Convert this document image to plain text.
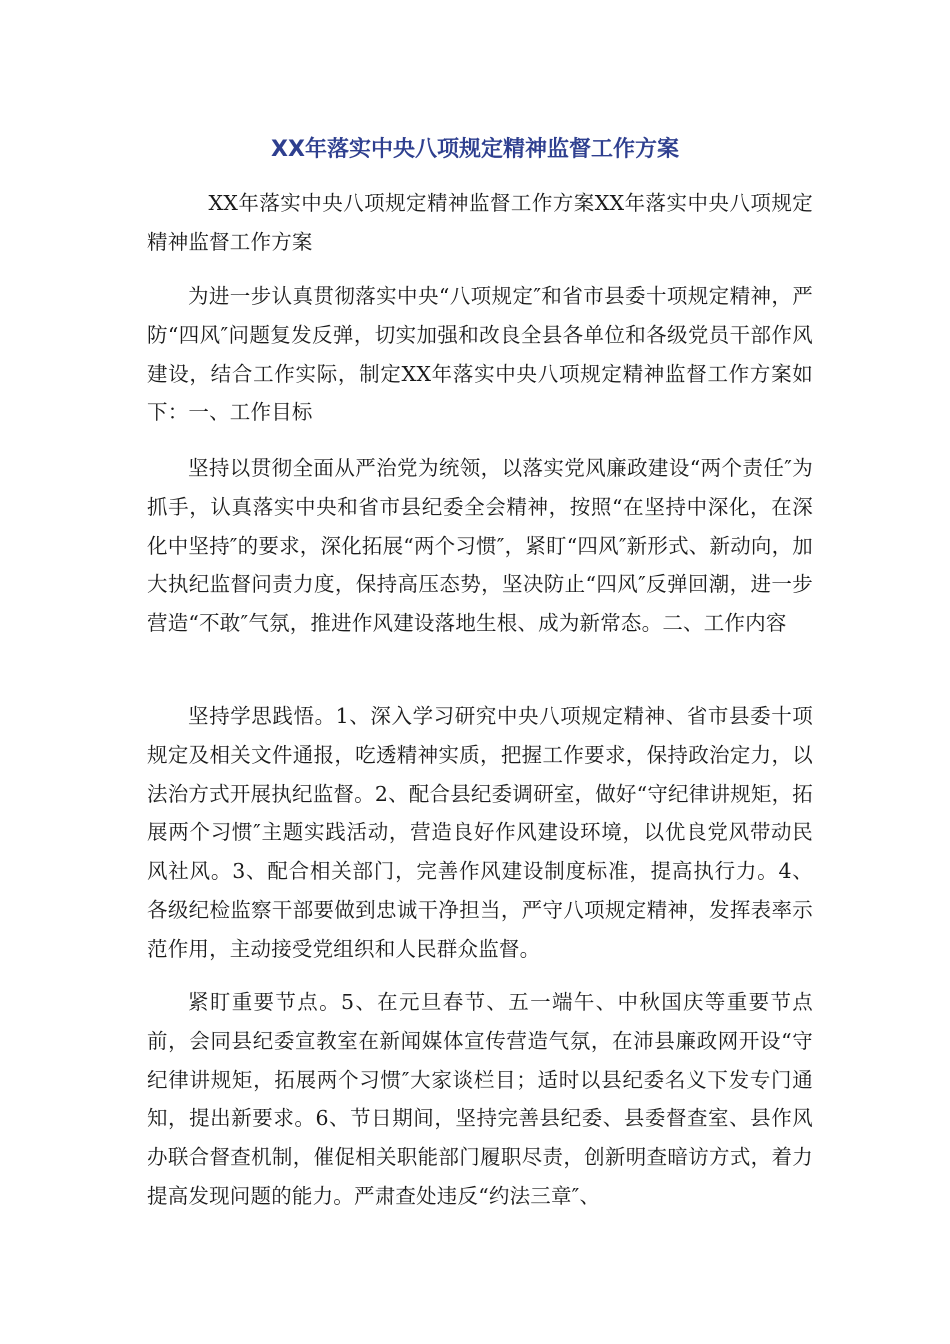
XX年落实中央八项规定精神监督工作方案

XX年落实中央八项规定精神监督工作方案XX年落实中央八项规定精神监督工作方案

为进一步认真贯彻落实中央“八项规定″和省市县委十项规定精神，严防“四风″问题复发反弹，切实加强和改良全县各单位和各级党员干部作风建设，结合工作实际，制定XX年落实中央八项规定精神监督工作方案如下：一、工作目标

坚持以贯彻全面从严治党为统领，以落实党风廉政建设“两个责任″为抓手，认真落实中央和省市县纪委全会精神，按照“在坚持中深化，在深化中坚持″的要求，深化拓展“两个习惯″，紧盯“四风″新形式、新动向，加大执纪监督问责力度，保持高压态势，坚决防止“四风″反弹回潮，进一步营造“不敢″气氛，推进作风建设落地生根、成为新常态。二、工作内容

坚持学思践悟。1、深入学习研究中央八项规定精神、省市县委十项规定及相关文件通报，吃透精神实质，把握工作要求，保持政治定力，以法治方式开展执纪监督。2、配合县纪委调研室，做好“守纪律讲规矩，拓展两个习惯″主题实践活动，营造良好作风建设环境，以优良党风带动民风社风。3、配合相关部门，完善作风建设制度标准，提高执行力。4、各级纪检监察干部要做到忠诚干净担当，严守八项规定精神，发挥表率示范作用，主动接受党组织和人民群众监督。

紧盯重要节点。5、在元旦春节、五一端午、中秋国庆等重要节点前，会同县纪委宣教室在新闻媒体宣传营造气氛，在沛县廉政网开设“守纪律讲规矩，拓展两个习惯″大家谈栏目；适时以县纪委名义下发专门通知，提出新要求。6、节日期间，坚持完善县纪委、县委督查室、县作风办联合督查机制，催促相关职能部门履职尽责，创新明查暗访方式，着力提高发现问题的能力。严肃查处违反“约法三章″、
